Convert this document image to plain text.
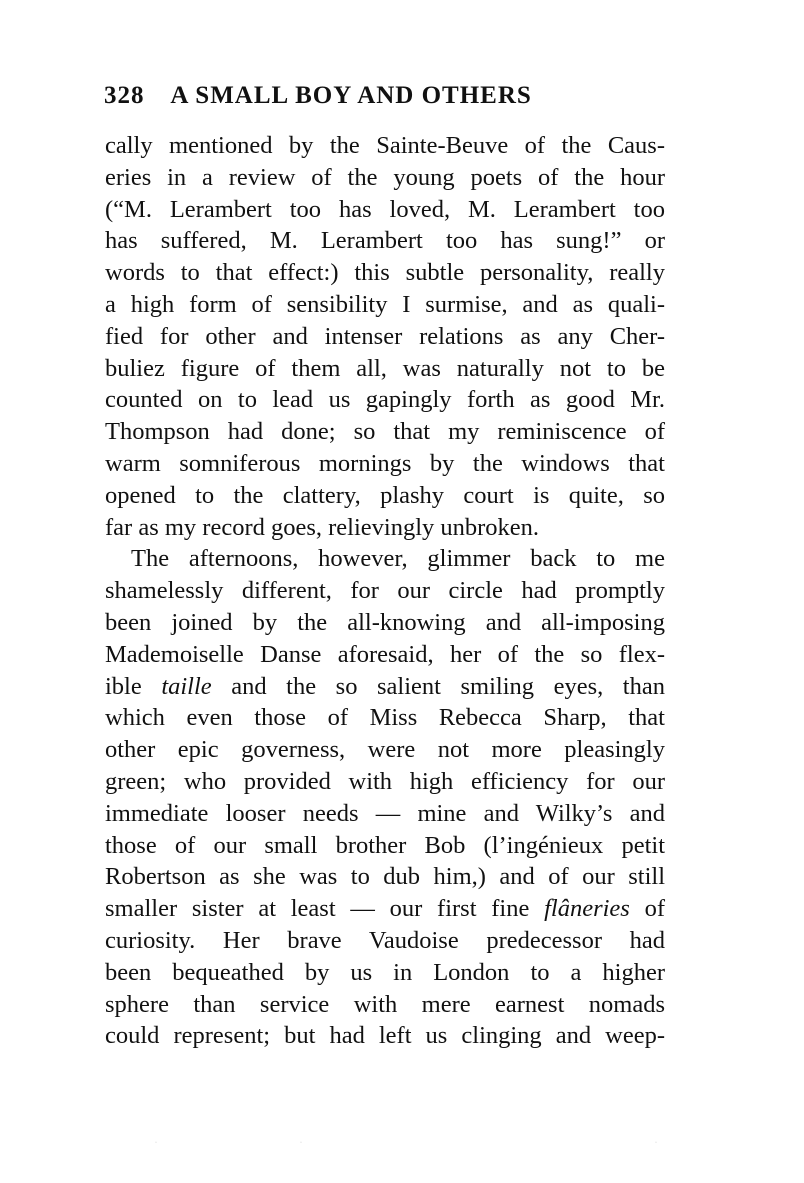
328 A SMALL BOY AND OTHERS
cally mentioned by the Sainte-Beuve of the Caus-
eries in a review of the young poets of the hour
(“M. Lerambert too has loved, M. Lerambert too
has suffered, M. Lerambert too has sung!” or
words to that effect:) this subtle personality, really
a high form of sensibility I surmise, and as quali-
fied for other and intenser relations as any Cher-
buliez figure of them all, was naturally not to be
counted on to lead us gapingly forth as good Mr.
Thompson had done; so that my reminiscence of
warm somniferous mornings by the windows that
opened to the clattery, plashy court is quite, so
far as my record goes, relievingly unbroken.
The afternoons, however, glimmer back to me
shamelessly different, for our circle had promptly
been joined by the all-knowing and all-imposing
Mademoiselle Danse aforesaid, her of the so flex-
ible taille and the so salient smiling eyes, than
which even those of Miss Rebecca Sharp, that
other epic governess, were not more pleasingly
green; who provided with high efficiency for our
immediate looser needs — mine and Wilky’s and
those of our small brother Bob (l’ingénieux petit
Robertson as she was to dub him,) and of our still
smaller sister at least — our first fine flâneries of
curiosity. Her brave Vaudoise predecessor had
been bequeathed by us in London to a higher
sphere than service with mere earnest nomads
could represent; but had left us clinging and weep-
·	·	·
